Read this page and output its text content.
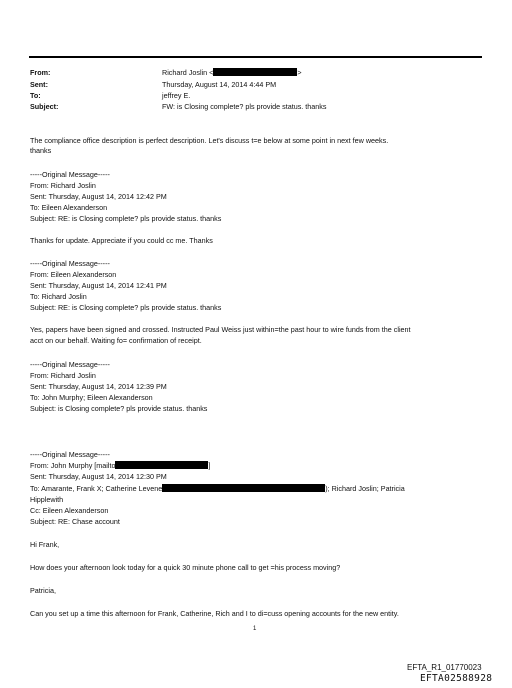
From:	Richard Joslin <	>
Sent:	Thursday, August 14, 2014 4:44 PM
To:	jeffrey E.
Subject:	FW: is Closing complete? pls provide status. thanks
The compliance office description is perfect description. Let's discuss t=e below at some point in next few weeks.
thanks
-----Original Message-----
From: Richard Joslin
Sent: Thursday, August 14, 2014 12:42 PM
To: Eileen Alexanderson
Subject: RE: is Closing complete? pls provide status. thanks
Thanks for update. Appreciate if you could cc me. Thanks
-----Original Message-----
From: Eileen Alexanderson
Sent: Thursday, August 14, 2014 12:41 PM
To: Richard Joslin
Subject: RE: is Closing complete? pls provide status. thanks
Yes, papers have been signed and crossed. Instructed Paul Weiss just within=the past hour to wire funds from the client
acct on our behalf. Waiting fo= confirmation of receipt.
-----Original Message-----
From: Richard Joslin
Sent: Thursday, August 14, 2014 12:39 PM
To: John Murphy; Eileen Alexanderson
Subject: is Closing complete? pls provide status. thanks
-----Original Message-----
From: John Murphy [mailto	]
Sent: Thursday, August 14, 2014 12:30 PM
To: Amarante, Frank X; Catherine Levene	); Richard Joslin; Patricia
Hipplewith
Cc: Eileen Alexanderson
Subject: RE: Chase account
Hi Frank,
How does your afternoon look today for a quick 30 minute phone call to get =his process moving?
Patricia,
Can you set up a time this afternoon for Frank, Catherine, Rich and I to di=cuss opening accounts for the new entity.
1
EFTA_R1_01770023
EFTA02588928
